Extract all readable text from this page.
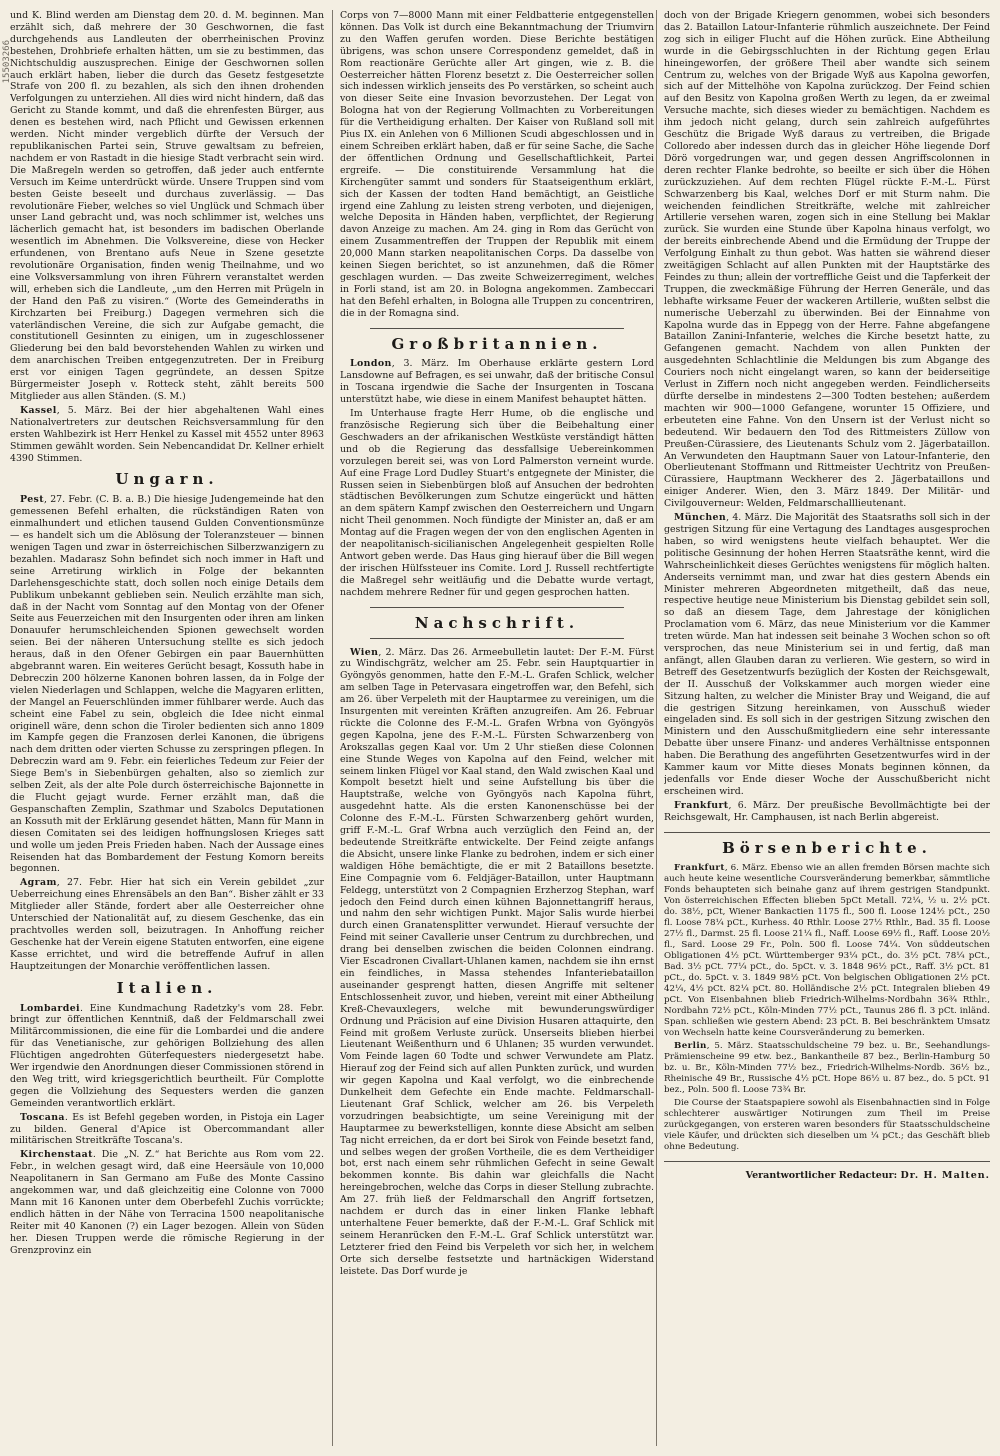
15503266

und K. Blind werden am Dienstag dem 20. d. M. beginnen. Man erzählt sich, daß mehrere der 30 Geschwornen, die fast durchgehends aus Landleuten der oberrheinischen Provinz bestehen, Drohbriefe erhalten hätten, um sie zu bestimmen, das Nichtschuldig auszusprechen. Einige der Geschwornen sollen auch erklärt haben, lieber die durch das Gesetz festgesetzte Strafe von 200 fl. zu bezahlen, als sich den ihnen drohenden Verfolgungen zu unterziehen. All dies wird nicht hindern, daß das Gericht zu Stande kommt, und daß die ehrenfesten Bürger, aus denen es bestehen wird, nach Pflicht und Gewissen erkennen werden. Nicht minder vergeblich dürfte der Versuch der republikanischen Partei sein, Struve gewaltsam zu befreien, nachdem er von Rastadt in die hiesige Stadt verbracht sein wird. Die Maßregeln werden so getroffen, daß jeder auch entfernte Versuch im Keime unterdrückt würde. Unsere Truppen sind vom besten Geiste beseelt und durchaus zuverlässig. — Das revolutionäre Fieber, welches so viel Unglück und Schmach über unser Land gebracht und, was noch schlimmer ist, welches uns lächerlich gemacht hat, ist besonders im badischen Oberlande wesentlich im Abnehmen. Die Volksvereine, diese von Hecker erfundenen, von Brentano aufs Neue in Szene gesetzte revolutionäre Organisation, finden wenig Theilnahme, und wo eine Volksversammlung von ihren Führern veranstaltet werden will, erheben sich die Landleute, „um den Herren mit Prügeln in der Hand den Paß zu visiren.“ (Worte des Gemeinderaths in Kirchzarten bei Freiburg.) Dagegen vermehren sich die vaterländischen Vereine, die sich zur Aufgabe gemacht, die constitutionell Gesinnten zu einigen, um in zugeschlossener Gliederung bei den bald bevorstehenden Wahlen zu wirken und dem anarchischen Treiben entgegenzutreten. Der in Freiburg erst vor einigen Tagen gegründete, an dessen Spitze Bürgermeister Joseph v. Rotteck steht, zählt bereits 500 Mitglieder aus allen Ständen. (S. M.)

Kassel, 5. März. Bei der hier abgehaltenen Wahl eines Nationalvertreters zur deutschen Reichsversammlung für den ersten Wahlbezirk ist Herr Henkel zu Kassel mit 4552 unter 8963 Stimmen gewählt worden. Sein Nebencandidat Dr. Kellner erhielt 4390 Stimmen.

Ungarn.

Pest, 27. Febr. (C. B. a. B.) Die hiesige Judengemeinde hat den gemessenen Befehl erhalten, die rückständigen Raten von einmalhundert und etlichen tausend Gulden Conventionsmünze — es handelt sich um die Ablösung der Toleranzsteuer — binnen wenigen Tagen und zwar in österreichischen Silberzwanzigern zu bezahlen. Madarasz Sohn befindet sich noch immer in Haft und seine Arretirung wirklich in Folge der bekannten Darlehensgeschichte statt, doch sollen noch einige Details dem Publikum unbekannt geblieben sein. Neulich erzählte man sich, daß in der Nacht vom Sonntag auf den Montag von der Ofener Seite aus Feuerzeichen mit den Insurgenten oder ihren am linken Donauufer herumschleichenden Spionen gewechselt worden seien. Bei der näheren Untersuchung stellte es sich jedoch heraus, daß in den Ofener Gebirgen ein paar Bauernhütten abgebrannt waren. Ein weiteres Gerücht besagt, Kossuth habe in Debreczin 200 hölzerne Kanonen bohren lassen, da in Folge der vielen Niederlagen und Schlappen, welche die Magyaren erlitten, der Mangel an Feuerschlünden immer fühlbarer werde. Auch das scheint eine Fabel zu sein, obgleich die Idee nicht einmal originell wäre, denn schon die Tiroler bedienten sich anno 1809 im Kampfe gegen die Franzosen derlei Kanonen, die übrigens nach dem dritten oder vierten Schusse zu zerspringen pflegen. In Debreczin ward am 9. Febr. ein feierliches Tedeum zur Feier der Siege Bem's in Siebenbürgen gehalten, also so ziemlich zur selben Zeit, als der alte Pole durch österreichische Bajonnette in die Flucht gejagt wurde. Ferner erzählt man, daß die Gespanschaften Zemplin, Szathmar und Szabolcs Deputationen an Kossuth mit der Erklärung gesendet hätten, Mann für Mann in diesen Comitaten sei des leidigen hoffnungslosen Krieges satt und wolle um jeden Preis Frieden haben. Nach der Aussage eines Reisenden hat das Bombardement der Festung Komorn bereits begonnen.

Agram, 27. Febr. Hier hat sich ein Verein gebildet „zur Ueberreichung eines Ehrensäbels an den Ban“. Bisher zählt er 33 Mitglieder aller Stände, fordert aber alle Oesterreicher ohne Unterschied der Nationalität auf, zu diesem Geschenke, das ein prachtvolles werden soll, beizutragen. In Anhoffung reicher Geschenke hat der Verein eigene Statuten entworfen, eine eigene Kasse errichtet, und wird die betreffende Aufruf in allen Hauptzeitungen der Monarchie veröffentlichen lassen.

Italien.

Lombardei. Eine Kundmachung Radetzky's vom 28. Febr. bringt zur öffentlichen Kenntniß, daß der Feldmarschall zwei Militärcommissionen, die eine für die Lombardei und die andere für das Venetianische, zur gehörigen Bollziehung des allen Flüchtigen angedrohten Güterfequesters niedergesetzt habe. Wer irgendwie den Anordnungen dieser Commissionen störend in den Weg tritt, wird kriegsgerichtlich beurtheilt. Für Complotte gegen die Vollziehung des Sequesters werden die ganzen Gemeinden verantwortlich erklärt.

Toscana. Es ist Befehl gegeben worden, in Pistoja ein Lager zu bilden. General d'Apice ist Obercommandant aller militärischen Streitkräfte Toscana's.

Kirchenstaat. Die „N. Z.“ hat Berichte aus Rom vom 22. Febr., in welchen gesagt wird, daß eine Heersäule von 10,000 Neapolitanern in San Germano am Fuße des Monte Cassino angekommen war, und daß gleichzeitig eine Colonne von 7000 Mann mit 16 Kanonen unter dem Oberbefehl Zuchis vorrückte; endlich hätten in der Nähe von Terracina 1500 neapolitanische Reiter mit 40 Kanonen (?) ein Lager bezogen. Allein von Süden her. Diesen Truppen werde die römische Regierung in der Grenzprovinz ein

Corps von 7—8000 Mann mit einer Feldbatterie entgegenstellen können. Das Volk ist durch eine Bekanntmachung der Triumvirn zu den Waffen gerufen worden. Diese Berichte bestätigen übrigens, was schon unsere Correspondenz gemeldet, daß in Rom reactionäre Gerüchte aller Art gingen, wie z. B. die Oesterreicher hätten Florenz besetzt z. Die Oesterreicher sollen sich indessen wirklich jenseits des Po verstärken, so scheint auch von dieser Seite eine Invasion bevorzustehen. Der Legat von Bologna hat von der Regierung Vollmachten zu Vorbereitungen für die Vertheidigung erhalten. Der Kaiser von Rußland soll mit Pius IX. ein Anlehen von 6 Millionen Scudi abgeschlossen und in einem Schreiben erklärt haben, daß er für seine Sache, die Sache der öffentlichen Ordnung und Gesellschaftlichkeit, Partei ergreife. — Die constituirende Versammlung hat die Kirchengüter sammt und sonders für Staatseigenthum erklärt, sich der Kassen der todten Hand bemächtigt, an Geistliche irgend eine Zahlung zu leisten streng verboten, und diejenigen, welche Deposita in Händen haben, verpflichtet, der Regierung davon Anzeige zu machen. Am 24. ging in Rom das Gerücht von einem Zusammentreffen der Truppen der Republik mit einem 20,000 Mann starken neapolitanischen Corps. Da dasselbe von keinen Siegen berichtet, so ist anzunehmen, daß die Römer geschlagen wurden. — Das zweite Schweizerregiment, welches in Forli stand, ist am 20. in Bologna angekommen. Zambeccari hat den Befehl erhalten, in Bologna alle Truppen zu concentriren, die in der Romagna sind.

Großbritannien.

London, 3. März. Im Oberhause erklärte gestern Lord Lansdowne auf Befragen, es sei unwahr, daß der britische Consul in Toscana irgendwie die Sache der Insurgenten in Toscana unterstützt habe, wie diese in einem Manifest behauptet hätten.

Im Unterhause fragte Herr Hume, ob die englische und französische Regierung sich über die Beibehaltung einer Geschwaders an der afrikanischen Westküste verständigt hätten und ob die Regierung das dessfallsige Uebereinkommen vorzulegen bereit sei, was von Lord Palmerston verneint wurde. Auf eine Frage Lord Dudley Stuart's entgegnete der Minister, die Russen seien in Siebenbürgen bloß auf Ansuchen der bedrohten städtischen Bevölkerungen zum Schutze eingerückt und hätten an dem spätern Kampf zwischen den Oesterreichern und Ungarn nicht Theil genommen. Noch fündigte der Minister an, daß er am Montag auf die Fragen wegen der von den englischen Agenten in der neapolitanisch-sicilianischen Angelegenheit gespielten Rolle Antwort geben werde. Das Haus ging hierauf über die Bill wegen der irischen Hülfssteuer ins Comite. Lord J. Russell rechtfertigte die Maßregel sehr weitläufig und die Debatte wurde vertagt, nachdem mehrere Redner für und gegen gesprochen hatten.

Nachschrift.

Wien, 2. März. Das 26. Armeebulletin lautet: Der F.-M. Fürst zu Windischgrätz, welcher am 25. Febr. sein Hauptquartier in Gyöngyös genommen, hatte den F.-M.-L. Grafen Schlick, welcher am selben Tage in Petervasara eingetroffen war, den Befehl, sich am 26. über Verpeleth mit der Hauptarmee zu vereinigen, um die Insurgenten mit vereinten Kräften anzugreifen. Am 26. Februar rückte die Colonne des F.-M.-L. Grafen Wrbna von Gyöngyös gegen Kapolna, jene des F.-M.-L. Fürsten Schwarzenberg von Arokszallas gegen Kaal vor. Um 2 Uhr stießen diese Colonnen eine Stunde Weges von Kapolna auf den Feind, welcher mit seinem linken Flügel vor Kaal stand, den Wald zwischen Kaal und Kompolt besetzt hielt und seine Aufstellung bis über die Hauptstraße, welche von Gyöngyös nach Kapolna führt, ausgedehnt hatte. Als die ersten Kanonenschüsse bei der Colonne des F.-M.-L. Fürsten Schwarzenberg gehört wurden, griff F.-M.-L. Graf Wrbna auch verzüglich den Feind an, der bedeutende Streitkräfte entwickelte. Der Feind zeigte anfangs die Absicht, unsere linke Flanke zu bedrohen, indem er sich einer waldigen Höhe bemächtigte, die er mit 2 Bataillons besetzte. Eine Compagnie vom 6. Feldjäger-Bataillon, unter Hauptmann Feldegg, unterstützt von 2 Compagnien Erzherzog Stephan, warf jedoch den Feind durch einen kühnen Bajonnettangriff heraus, und nahm den sehr wichtigen Punkt. Major Salis wurde hierbei durch einen Granatensplitter verwundet. Hierauf versuchte der Feind mit seiner Cavallerie unser Centrum zu durchbrechen, und drang bei denselben zwischen die beiden Colonnen eindrang. Vier Escadronen Civallart-Uhlanen kamen, nachdem sie ihn ernst ein feindliches, in Massa stehendes Infanteriebataillon auseinander gesprengt hatten, diesen Angriffe mit seltener Entschlossenheit zuvor, und hieben, vereint mit einer Abtheilung Kreß-Chevauxlegers, welche mit bewunderungswürdiger Ordnung und Präcision auf eine Division Husaren attaquirte, den Feind mit großem Verluste zurück. Unserseits blieben hierbei Lieutenant Weißenthurn und 6 Uhlanen; 35 wurden verwundet. Vom Feinde lagen 60 Todte und schwer Verwundete am Platz. Hierauf zog der Feind sich auf allen Punkten zurück, und wurden wir gegen Kapolna und Kaal verfolgt, wo die einbrechende Dunkelheit dem Gefechte ein Ende machte. Feldmarschall-Lieutenant Graf Schlick, welcher am 26. bis Verpeleth vorzudringen beabsichtigte, um seine Vereinigung mit der Hauptarmee zu bewerkstelligen, konnte diese Absicht am selben Tag nicht erreichen, da er dort bei Sirok von Feinde besetzt fand, und selbes wegen der großen Vortheile, die es dem Vertheidiger bot, erst nach einem sehr rühmlichen Gefecht in seine Gewalt bekommen konnte. Bis dahin war gleichfalls die Nacht hereingebrochen, welche das Corps in dieser Stellung zubrachte. Am 27. früh ließ der Feldmarschall den Angriff fortsetzen, nachdem er durch das in einer linken Flanke lebhaft unterhaltene Feuer bemerkte, daß der F.-M.-L. Graf Schlick mit seinem Heranrücken den F.-M.-L. Graf Schlick unterstützt war. Letzterer fried den Feind bis Verpeleth vor sich her, in welchem Orte sich derselbe festsetzte und hartnäckigen Widerstand leistete. Das Dorf wurde je

doch von der Brigade Kriegern genommen, wobei sich besonders das 2. Bataillon Latour-Infanterie rühmlich auszeichnete. Der Feind zog sich in eiliger Flucht auf die Höhen zurück. Eine Abtheilung wurde in die Gebirgsschluchten in der Richtung gegen Erlau hineingeworfen, der größere Theil aber wandte sich seinem Centrum zu, welches von der Brigade Wyß aus Kapolna geworfen, sich auf der Mittelhöhe von Kapolna zurückzog. Der Feind schien auf den Besitz von Kapolna großen Werth zu legen, da er zweimal Versuche machte, sich dieses wieder zu bemächtigen. Nachdem es ihm jedoch nicht gelang, durch sein zahlreich aufgeführtes Geschütz die Brigade Wyß daraus zu vertreiben, die Brigade Colloredo aber indessen durch das in gleicher Höhe liegende Dorf Dörö vorgedrungen war, und gegen dessen Angriffscolonnen in deren rechter Flanke bedrohte, so beeilte er sich über die Höhen zurückzuziehen. Auf dem rechten Flügel rückte F.-M.-L. Fürst Schwarzenberg bis Kaal, welches Dorf er mit Sturm nahm. Die weichenden feindlichen Streitkräfte, welche mit zahlreicher Artillerie versehen waren, zogen sich in eine Stellung bei Maklar zurück. Sie wurden eine Stunde über Kapolna hinaus verfolgt, wo der bereits einbrechende Abend und die Ermüdung der Truppe der Verfolgung Einhalt zu thun gebot. Was hatten sie während dieser zweitägigen Schlacht auf allen Punkten mit der Hauptstärke des Feindes zu thun; allein der vortreffliche Geist und die Tapferkeit der Truppen, die zweckmäßige Führung der Herren Generäle, und das lebhafte wirksame Feuer der wackeren Artillerie, wußten selbst die numerische Ueberzahl zu überwinden. Bei der Einnahme von Kapolna wurde das in Eppegg von der Herre. Fahne abgefangene Bataillon Zanini-Infanterie, welches die Kirche besetzt hatte, zu Gefangenen gemacht. Nachdem von allen Punkten der ausgedehnten Schlachtlinie die Meldungen bis zum Abgange des Couriers noch nicht eingelangt waren, so kann der beiderseitige Verlust in Ziffern noch nicht angegeben werden. Feindlicherseits dürfte derselbe in mindestens 2—300 Todten bestehen; außerdem machten wir 900—1000 Gefangene, worunter 15 Offiziere, und erbeuteten eine Fahne. Von den Unsern ist der Verlust nicht so bedeutend. Wir bedauern den Tod des Rittmeisters Züllow von Preußen-Cürassiere, des Lieutenants Schulz vom 2. Jägerbataillon. An Verwundeten den Hauptmann Sauer von Latour-Infanterie, den Oberlieutenant Stoffmann und Rittmeister Uechtritz von Preußen-Cürassiere, Hauptmann Weckherer des 2. Jägerbataillons und einiger Anderer. Wien, den 3. März 1849. Der Militär- und Civilgouverneur: Welden, Feldmarschalllieutenant.

München, 4. März. Die Majorität des Staatsraths soll sich in der gestrigen Sitzung für eine Vertagung des Landtages ausgesprochen haben, so wird wenigstens heute vielfach behauptet. Wer die politische Gesinnung der hohen Herren Staatsräthe kennt, wird die Wahrscheinlichkeit dieses Gerüchtes wenigstens für möglich halten. Anderseits vernimmt man, und zwar hat dies gestern Abends ein Minister mehreren Abgeordneten mitgetheilt, daß das neue, respective heutige neue Ministerium bis Dienstag gebildet sein soll, so daß an diesem Tage, dem Jahrestage der königlichen Proclamation vom 6. März, das neue Ministerium vor die Kammer treten würde. Man hat indessen seit beinahe 3 Wochen schon so oft versprochen, das neue Ministerium sei in und fertig, daß man anfängt, allen Glauben daran zu verlieren. Wie gestern, so wird in Betreff des Gesetzentwurfs bezüglich der Kosten der Reichsgewalt, der II. Ausschuß der Volkskammer auch morgen wieder eine Sitzung halten, zu welcher die Minister Bray und Weigand, die auf die gestrigen Sitzung hereinkamen, von Ausschuß wieder eingeladen sind. Es soll sich in der gestrigen Sitzung zwischen den Ministern und den Ausschußmitgliedern eine sehr interessante Debatte über unsere Finanz- und anderes Verhältnisse entsponnen haben. Die Berathung des angeführten Gesetzentwurfes wird in der Kammer kaum vor Mitte dieses Monats beginnen können, da jedenfalls vor Ende dieser Woche der Ausschußbericht nicht erscheinen wird.

Frankfurt, 6. März. Der preußische Bevollmächtigte bei der Reichsgewalt, Hr. Camphausen, ist nach Berlin abgereist.

Börsenberichte.

Frankfurt, 6. März. Ebenso wie an allen fremden Börsen machte sich auch heute keine wesentliche Coursveränderung bemerkbar, sämmtliche Fonds behaupteten sich beinahe ganz auf ihrem gestrigen Standpunkt. Von österreichischen Effecten blieben 5pCt Metall. 72¼, ½ u. 2½ pCt. do. 38½, pCt, Wiener Bankactien 1175 fl., 500 fl. Loose 124½ pCt., 250 fl. Loose 78¼ pCt., Kurhess. 40 Rthlr. Loose 27½ Rthlr., Bad. 35 fl. Loose 27½ fl., Darmst. 25 fl. Loose 21¼ fl., Naff. Loose 69½ fl., Raff. Loose 20½ fl., Sard. Loose 29 Fr., Poln. 500 fl. Loose 74¼. Von süddeutschen Obligationen 4½ pCt. Württemberger 93¼ pCt., do. 3½ pCt. 78¼ pCt., Bad. 3½ pCt. 77¼ pCt., do. 5pCt. v. 3. 1848 96½ pCt., Raff. 3½ pCt. 81 pCt., do. 5pCt. v. 3. 1849 98½ pCt. Von belgischen Obligationen 2½ pCt. 42¼, 4½ pCt. 82¼ pCt. 80. Holländische 2½ pCt. Integralen blieben 49 pCt. Von Eisenbahnen blieb Friedrich-Wilhelms-Nordbahn 36¾ Rthlr., Nordbahn 72½ pCt., Köln-Minden 77½ pCt., Taunus 286 fl. 3 pCt. inländ. Span. schließen wie gestern Abend: 23 pCt. B. Bei beschränktem Umsatz von Wechseln hatte keine Coursveränderung zu bemerken.

Berlin, 5. März. Staatsschuldscheine 79 bez. u. Br., Seehandlungs-Prämienscheine 99 etw. bez., Bankantheile 87 bez., Berlin-Hamburg 50 bz. u. Br., Köln-Minden 77½ bez., Friedrich-Wilhelms-Nordb. 36½ bz., Rheinische 49 Br., Russische 4½ pCt. Hope 86½ u. 87 bez., do. 5 pCt. 91 bez., Poln. 500 fl. Loose 73¾ Br.

Die Course der Staatspapiere sowohl als Eisenbahnactien sind in Folge schlechterer auswärtiger Notirungen zum Theil im Preise zurückgegangen, von ersteren waren besonders für Staatsschuldscheine viele Käufer, und drückten sich dieselben um ¼ pCt.; das Geschäft blieb ohne Bedeutung.

Verantwortlicher Redacteur: Dr. H. Malten.
